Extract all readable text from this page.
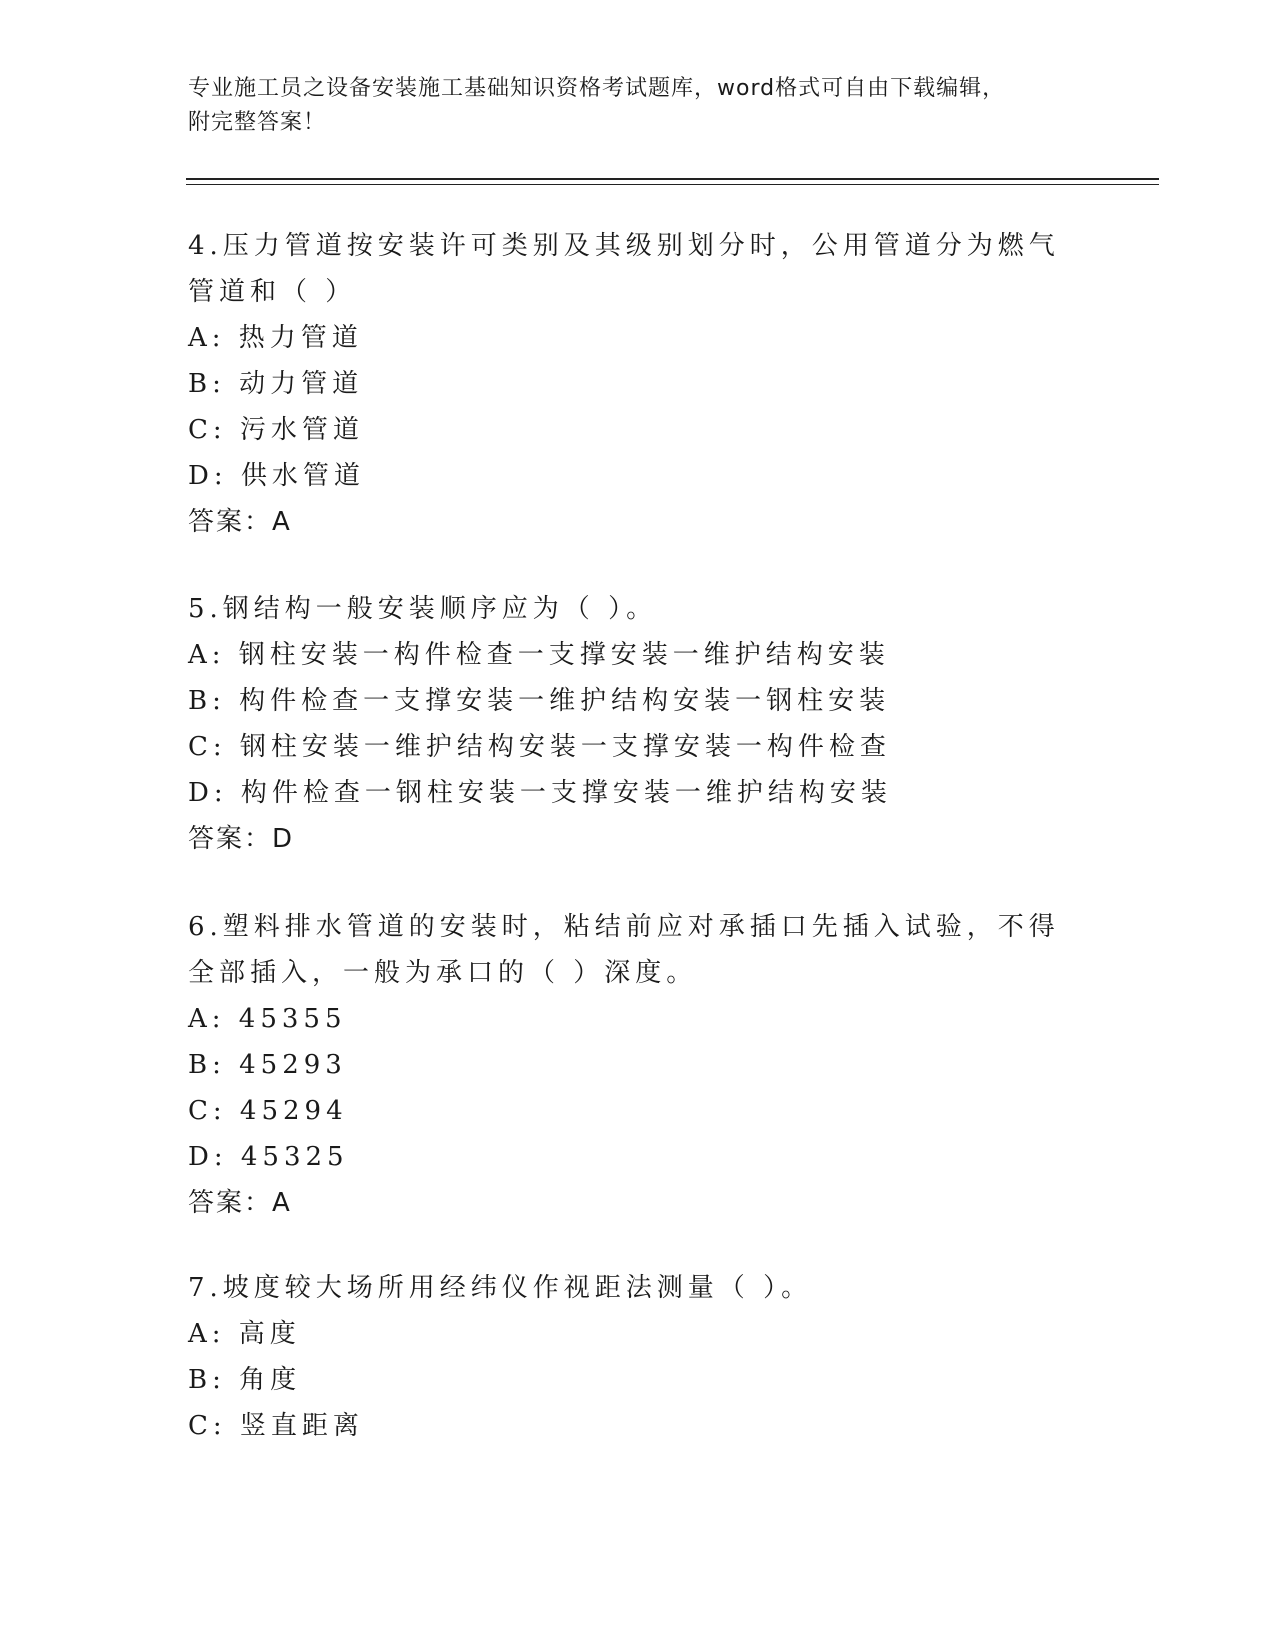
专业施工员之设备安装施工基础知识资格考试题库，word格式可自由下载编辑，
附完整答案！

4.压力管道按安装许可类别及其级别划分时，公用管道分为燃气管道和（ ）

A: 热力管道

B: 动力管道

C: 污水管道

D: 供水管道

答案：A

5.钢结构一般安装顺序应为（ ）。

A: 钢柱安装一构件检查一支撑安装一维护结构安装

B: 构件检查一支撑安装一维护结构安装一钢柱安装

C: 钢柱安装一维护结构安装一支撑安装一构件检查

D: 构件检查一钢柱安装一支撑安装一维护结构安装

答案：D

6.塑料排水管道的安装时，粘结前应对承插口先插入试验，不得全部插入，一般为承口的（ ）深度。

A: 45355

B: 45293

C: 45294

D: 45325

答案：A

7.坡度较大场所用经纬仪作视距法测量（ ）。

A: 高度

B: 角度

C: 竖直距离
